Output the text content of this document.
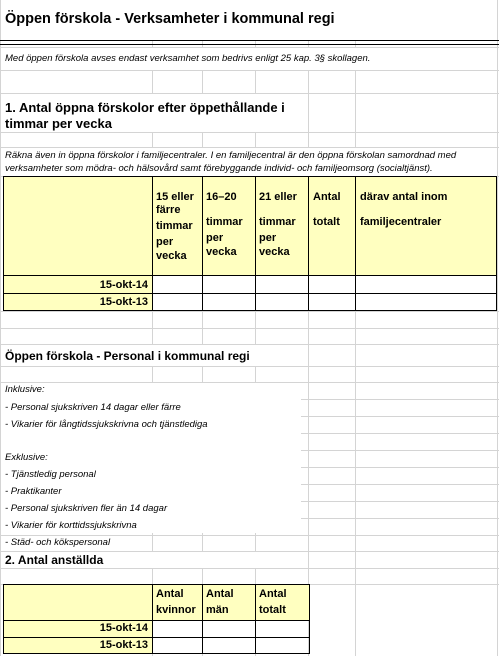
Öppen förskola - Verksamheter i kommunal regi
Med öppen förskola avses endast verksamhet som bedrivs enligt 25 kap. 3§ skollagen.
1. Antal öppna förskolor efter öppethållande i
timmar per vecka
Räkna även in öppna förskolor i familjecentraler. I en familjecentral är den öppna förskolan samordnad med
verksamheter som mödra- och hälsovård samt förebyggande individ- och familjeomsorg (socialtjänst).
15 eller
färre
timmar
per
vecka
16–20
timmar
per
vecka
21 eller
timmar
per
vecka
Antal
totalt
därav antal inom
familjecentraler
15-okt-14
15-okt-13
Öppen förskola - Personal i kommunal regi
Inklusive:
- Personal sjukskriven 14 dagar eller färre
- Vikarier för långtidssjukskrivna och tjänstlediga
Exklusive:
- Tjänstledig personal
- Praktikanter
- Personal sjukskriven fler än 14 dagar
- Vikarier för korttidssjukskrivna
- Städ- och kökspersonal
2. Antal anställda
Antal
kvinnor
Antal
män
Antal
totalt
15-okt-14
15-okt-13
